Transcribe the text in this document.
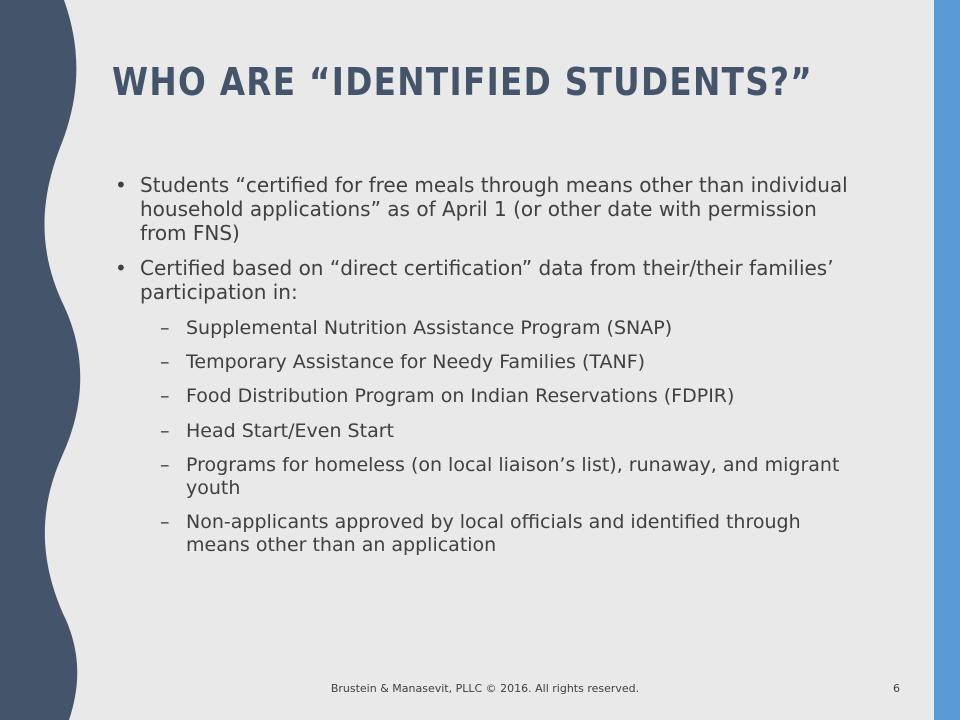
WHO ARE “IDENTIFIED STUDENTS?”
• Students “certified for free meals through means other than individual household applications” as of April 1 (or other date with permission from FNS)
• Certified based on “direct certification” data from their/their families’ participation in:
– Supplemental Nutrition Assistance Program (SNAP)
– Temporary Assistance for Needy Families (TANF)
– Food Distribution Program on Indian Reservations (FDPIR)
– Head Start/Even Start
– Programs for homeless (on local liaison’s list), runaway, and migrant youth
– Non-applicants approved by local officials and identified through means other than an application
Brustein & Manasevit, PLLC © 2016. All rights reserved.	6
